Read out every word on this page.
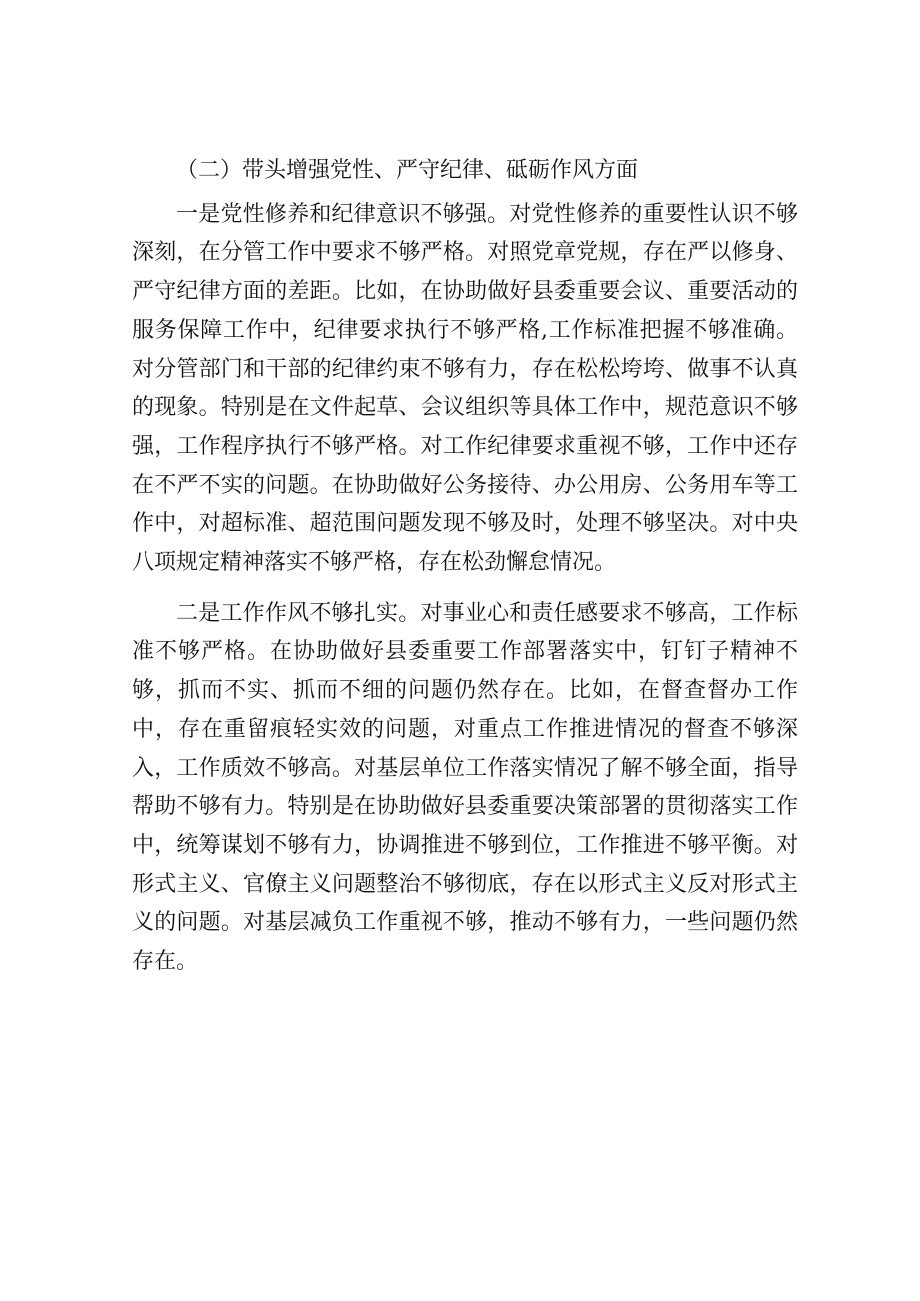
（二）带头增强党性、严守纪律、砥砺作风方面

一是党性修养和纪律意识不够强。对党性修养的重要性认识不够深刻，在分管工作中要求不够严格。对照党章党规，存在严以修身、严守纪律方面的差距。比如，在协助做好县委重要会议、重要活动的服务保障工作中，纪律要求执行不够严格,工作标准把握不够准确。对分管部门和干部的纪律约束不够有力，存在松松垮垮、做事不认真的现象。特别是在文件起草、会议组织等具体工作中，规范意识不够强，工作程序执行不够严格。对工作纪律要求重视不够，工作中还存在不严不实的问题。在协助做好公务接待、办公用房、公务用车等工作中，对超标准、超范围问题发现不够及时，处理不够坚决。对中央八项规定精神落实不够严格，存在松劲懈怠情况。

二是工作作风不够扎实。对事业心和责任感要求不够高，工作标准不够严格。在协助做好县委重要工作部署落实中，钉钉子精神不够，抓而不实、抓而不细的问题仍然存在。比如，在督查督办工作中，存在重留痕轻实效的问题，对重点工作推进情况的督查不够深入，工作质效不够高。对基层单位工作落实情况了解不够全面，指导帮助不够有力。特别是在协助做好县委重要决策部署的贯彻落实工作中，统筹谋划不够有力，协调推进不够到位，工作推进不够平衡。对形式主义、官僚主义问题整治不够彻底，存在以形式主义反对形式主义的问题。对基层减负工作重视不够，推动不够有力，一些问题仍然存在。
